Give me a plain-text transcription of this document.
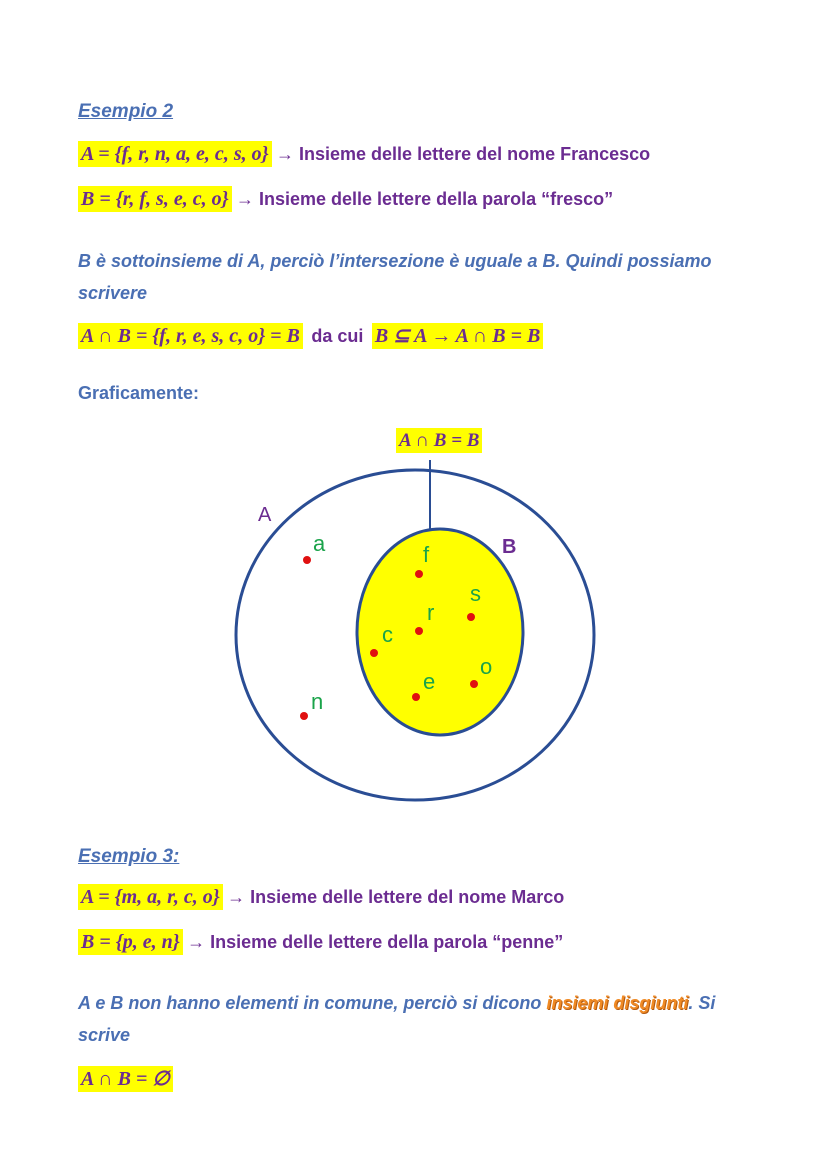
Esempio 2
A = {f, r, n, a, e, c, s, o} → Insieme delle lettere del nome Francesco
B = {r, f, s, e, c, o} → Insieme delle lettere della parola “fresco”
B è sottoinsieme di A, perciò l’intersezione è uguale a B. Quindi possiamo
scrivere
A ∩ B = {f, r, e, s, c, o} = B da cui B ⊆ A → A ∩ B = B
Graficamente:
A ∩ B = B
A
B
a
n
f
r
s
c
o
e
Esempio 3:
A = {m, a, r, c, o} → Insieme delle lettere del nome Marco
B = {p, e, n} → Insieme delle lettere della parola “penne”
A e B non hanno elementi in comune, perciò si dicono insiemi disgiunti. Si
scrive
A ∩ B = ∅
